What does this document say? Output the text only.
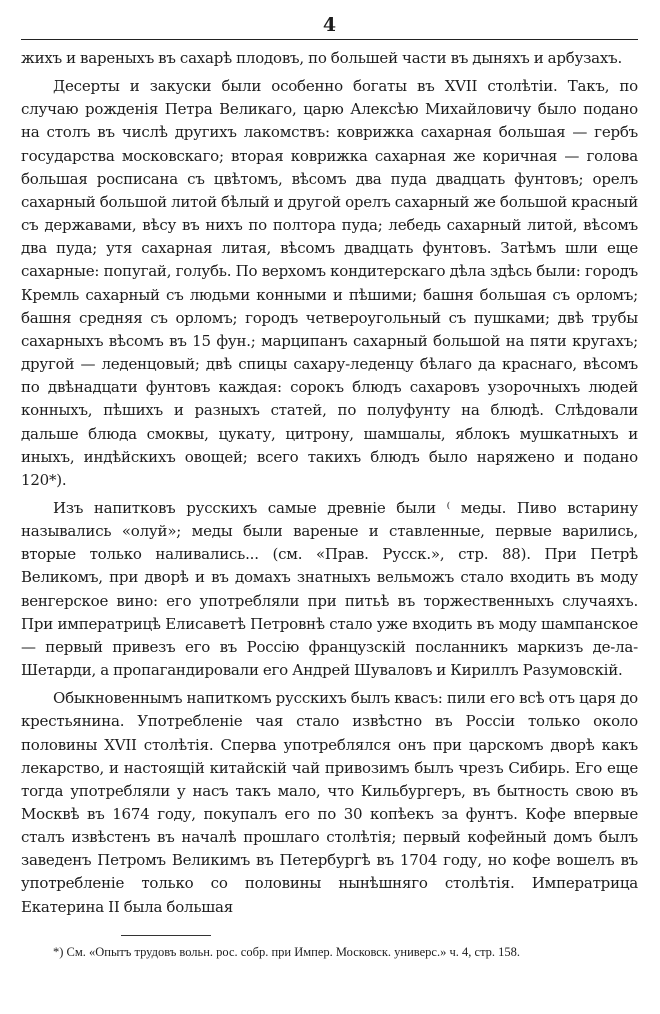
4

жихъ и вареныхъ въ сахарѣ плодовъ, по большей части въ дыняхъ и арбузахъ.

Десерты и закуски были особенно богаты въ XVII столѣтіи. Такъ, по случаю рожденія Петра Великаго, царю Алексѣю Михайловичу было подано на столъ въ числѣ другихъ лакомствъ: коврижка сахарная большая — гербъ государства московскаго; вторая коврижка сахарная же коричная — голова большая росписана съ цвѣтомъ, вѣсомъ два пуда двадцать фунтовъ; орелъ сахарный большой литой бѣлый и другой орелъ сахарный же большой красный съ державами, вѣсу въ нихъ по полтора пуда; лебедь сахарный литой, вѣсомъ два пуда; утя сахарная литая, вѣсомъ двадцать фунтовъ. Затѣмъ шли еще сахарные: попугай, голубь. По верхомъ кондитерскаго дѣла здѣсь были: городъ Кремль сахарный съ людьми конными и пѣшими; башня большая съ орломъ; башня средняя съ орломъ; городъ четвероугольный съ пушками; двѣ трубы сахарныхъ вѣсомъ въ 15 фун.; марципанъ сахарный большой на пяти кругахъ; другой — леденцовый; двѣ спицы сахару-леденцу бѣлаго да краснаго, вѣсомъ по двѣнадцати фунтовъ каждая: сорокъ блюдъ сахаровъ узорочныхъ людей конныхъ, пѣшихъ и разныхъ статей, по полуфунту на блюдѣ. Слѣдовали дальше блюда смоквы, цукату, цитрону, шамшалы, яблокъ мушкатныхъ и иныхъ, индѣйскихъ овощей; всего такихъ блюдъ было наряжено и подано 120*).

Изъ напитковъ русскихъ самые древніе были ⁽ меды. Пиво встарину назывались «олуй»; меды были вареные и ставленные, первые варились, вторые только наливались... (см. «Прав. Русск.», стр. 88). При Петрѣ Великомъ, при дворѣ и въ домахъ знатныхъ вельможъ стало входить въ моду венгерское вино: его употребляли при питьѣ въ торжественныхъ случаяхъ. При императрицѣ Елисаветѣ Петровнѣ стало уже входить въ моду шампанское — первый привезъ его въ Россію французскій посланникъ маркизъ де-ла-Шетарди, а пропагандировали его Андрей Шуваловъ и Кириллъ Разумовскій.

Обыкновеннымъ напиткомъ русскихъ былъ квасъ: пили его всѣ отъ царя до крестьянина. Употребленіе чая стало извѣстно въ Россіи только около половины XVII столѣтія. Сперва употреблялся онъ при царскомъ дворѣ какъ лекарство, и настоящій китайскій чай привозимъ былъ чрезъ Сибирь. Его еще тогда употребляли у насъ такъ мало, что Кильбургеръ, въ бытность свою въ Москвѣ въ 1674 году, покупалъ его по 30 копѣекъ за фунтъ. Кофе впервые сталъ извѣстенъ въ началѣ прошлаго столѣтія; первый кофейный домъ былъ заведенъ Петромъ Великимъ въ Петербургѣ въ 1704 году, но кофе вошелъ въ употребленіе только со половины нынѣшняго столѣтія. Императрица Екатерина II была большая

*) См. «Опытъ трудовъ вольн. рос. собр. при Импер. Московск. универс.» ч. 4, стр. 158.
